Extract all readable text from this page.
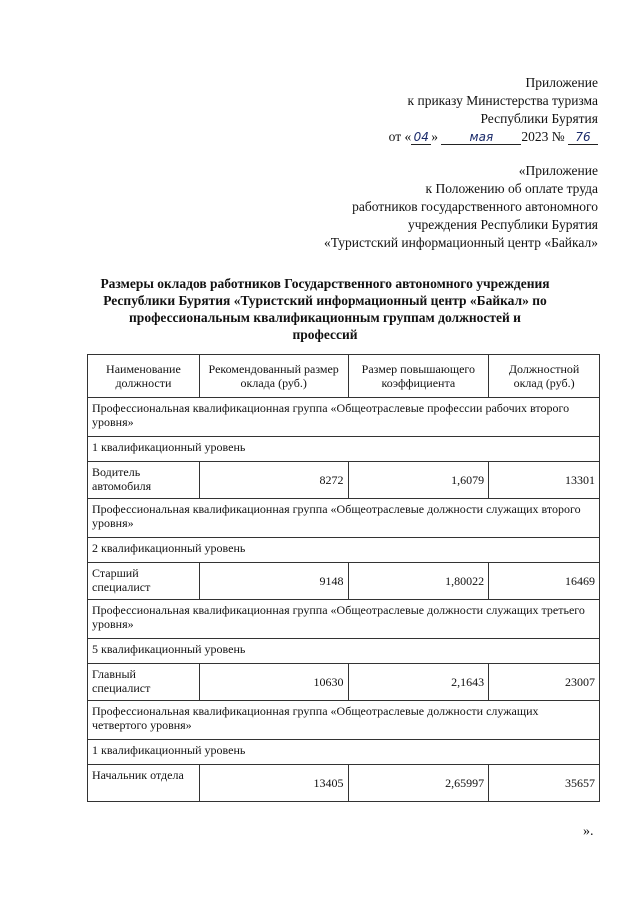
Приложение
к приказу Министерства туризма
Республики Бурятия
от « 04 »	мая 2023 № 76
«Приложение
к Положению об оплате труда
работников государственного автономного
учреждения Республики Бурятия
«Туристский информационный центр «Байкал»
Размеры окладов работников Государственного автономного учреждения Республики Бурятия «Туристский информационный центр «Байкал» по профессиональным квалификационным группам должностей и профессий
Наименование должности	Рекомендованный размер оклада (руб.)	Размер повышающего коэффициента	Должностной оклад (руб.)
Профессиональная квалификационная группа «Общеотраслевые профессии рабочих второго уровня»			
1 квалификационный уровень			
Водитель автомобиля	8272	1,6079	13301
Профессиональная квалификационная группа «Общеотраслевые должности служащих второго уровня»			
2 квалификационный уровень			
Старший специалист	9148	1,80022	16469
Профессиональная квалификационная группа «Общеотраслевые должности служащих третьего уровня»			
5 квалификационный уровень			
Главный специалист	10630	2,1643	23007
Профессиональная квалификационная группа «Общеотраслевые должности служащих четвертого уровня»			
1 квалификационный уровень			
Начальник отдела	13405	2,65997	35657
».
